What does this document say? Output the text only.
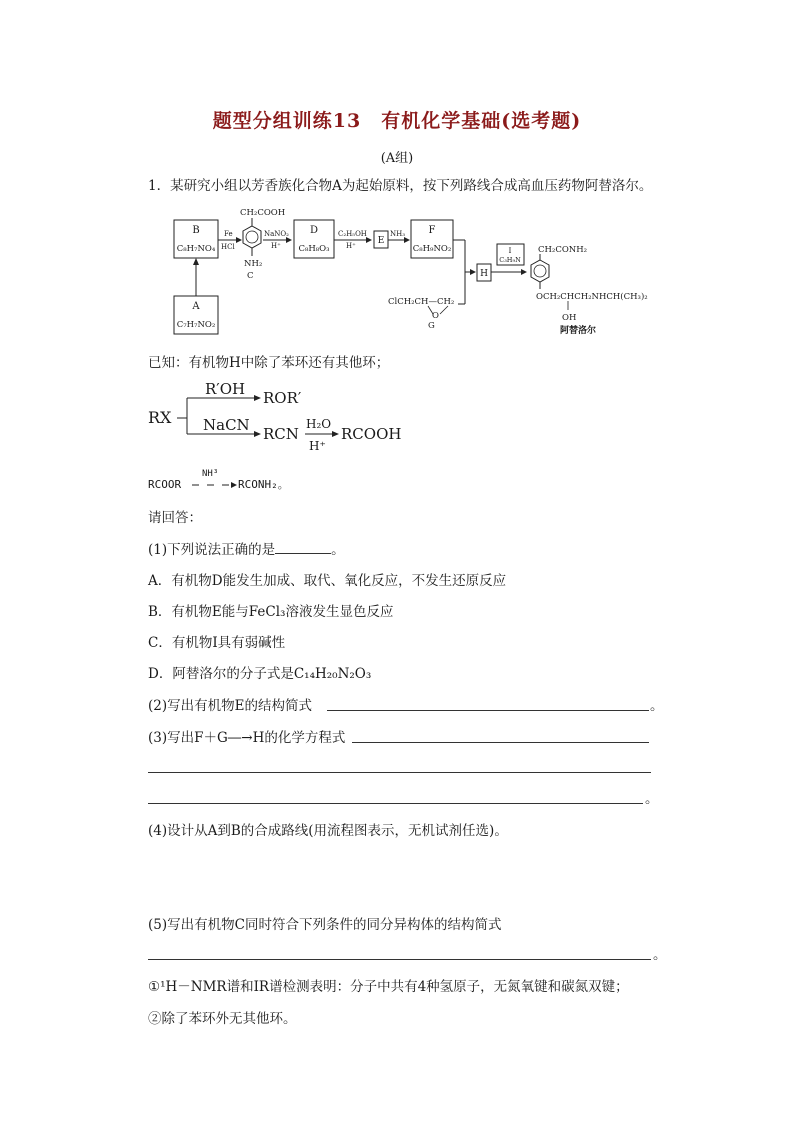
题型分组训练13　有机化学基础(选考题)
(A组)
1．某研究小组以芳香族化合物A为起始原料，按下列路线合成高血压药物阿替洛尔。
B
C₈H₇NO₄
A
C₇H₇NO₂
Fe
HCl
CH₂COOH
NH₂
C
NaNO₂
H⁺
D
C₈H₈O₃
C₂H₅OH
H⁺ E
NH₃ F
C₈H₉NO₂
ClCH₂CH—CH₂
O
G
H
I
C₃H₉N
CH₂CONH₂
OCH₂CHCH₂NHCH(CH₃)₂
OH
阿替洛尔
已知：有机物H中除了苯环还有其他环；
RX
R′OH ROR′
NaCN RCN
H₂O
H⁺
RCOOH
RCOOR
NH³
RCONH₂。
请回答：
(1)下列说法正确的是	。
A．有机物D能发生加成、取代、氧化反应，不发生还原反应
B．有机物E能与FeCl₃溶液发生显色反应
C．有机物I具有弱碱性
D．阿替洛尔的分子式是C₁₄H₂₀N₂O₃
(2)写出有机物E的结构简式	。
(3)写出F＋G―→H的化学方程式
。
(4)设计从A到B的合成路线(用流程图表示，无机试剂任选)。
(5)写出有机物C同时符合下列条件的同分异构体的结构简式
。
①¹H－NMR谱和IR谱检测表明：分子中共有4种氢原子，无氮氧键和碳氮双键；
②除了苯环外无其他环。
